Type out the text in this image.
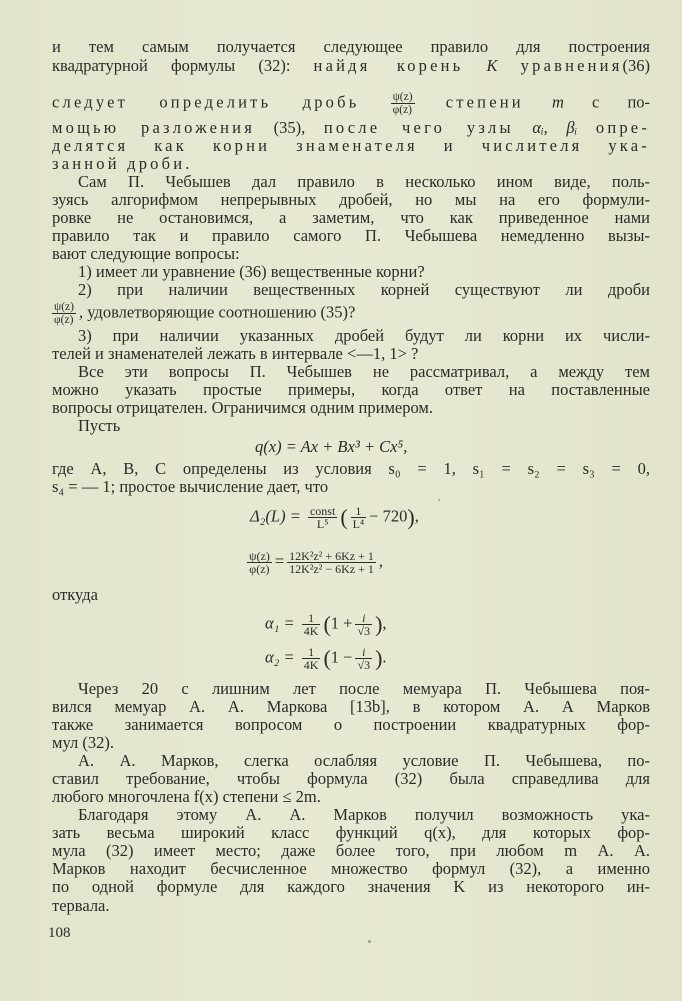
и тем самым получается следующее правило для построения
квадратурной формулы (32): найдя корень K уравнения(36)
следует определить дробь	$\frac{\psi(z)}{\varphi(z)}$ степени m с по-
мощью разложения (35), после чего узлы αᵢ, βᵢ опре-
делятся как корни знаменателя и числителя ука-
занной дроби.
Сам П. Чебышев дал правило в несколько ином виде, поль-
зуясь алгорифмом непрерывных дробей, но мы на его формули-
ровке не остановимся, а заметим, что как приведенное нами
правило так и правило самого П. Чебышева немедленно вызы-
вают следующие вопросы:
1) имеет ли уравнение (36) вещественные корни?
2) при наличии вещественных корней существуют ли дроби
$\frac{\psi(z)}{\varphi(z)}$ , удовлетворяющие соотношению (35)?
3) при наличии указанных дробей будут ли корни их числи-
телей и знаменателей лежать в интервале <—1, 1> ?
Все эти вопросы П. Чебышев не рассматривал, а между тем
можно указать простые примеры, когда ответ на поставленные
вопросы отрицателен. Ограничимся одним примером.
Пусть
q(x) = Ax + Bx³ + Cx⁵,
где A, B, C определены из условия s₀ = 1, s₁ = s₂ = s₃ = 0,
s₄ = — 1; простое вычисление дает, что
$\Delta_2(L) = \frac{\text{const}}{\text{L⁵}}$ ( $\frac{1}{\text{L⁴}} - 720$),
$\frac{\psi(z)}{\varphi(z)} = \frac{\text{12K²z² + 6Kz + 1}}{\text{12K²z² − 6Kz + 1}}$ ,
откуда
$\alpha_1 = \frac{1}{4K} (1 + \frac{i}{√3}$ ),
$\alpha_2 = \frac{1}{4K} (1 - \frac{i}{√3}$ ).
Через 20 с лишним лет после мемуара П. Чебышева поя-
вился мемуар А. А. Маркова [13b], в котором А. А Марков
также занимается вопросом о построении квадратурных фор-
мул (32).
А. А. Марков, слегка ослабляя условие П. Чебышева, по-
ставил требование, чтобы формула (32) была справедлива для
любого многочлена f(x) степени ≤ 2m.
Благодаря этому А. А. Марков получил возможность ука-
зать весьма широкий класс функций q(x), для которых фор-
мула (32) имеет место; даже более того, при любом m А. А.
Марков находит бесчисленное множество формул (32), а именно
по одной формуле для каждого значения K из некоторого ин-
тервала.
108
